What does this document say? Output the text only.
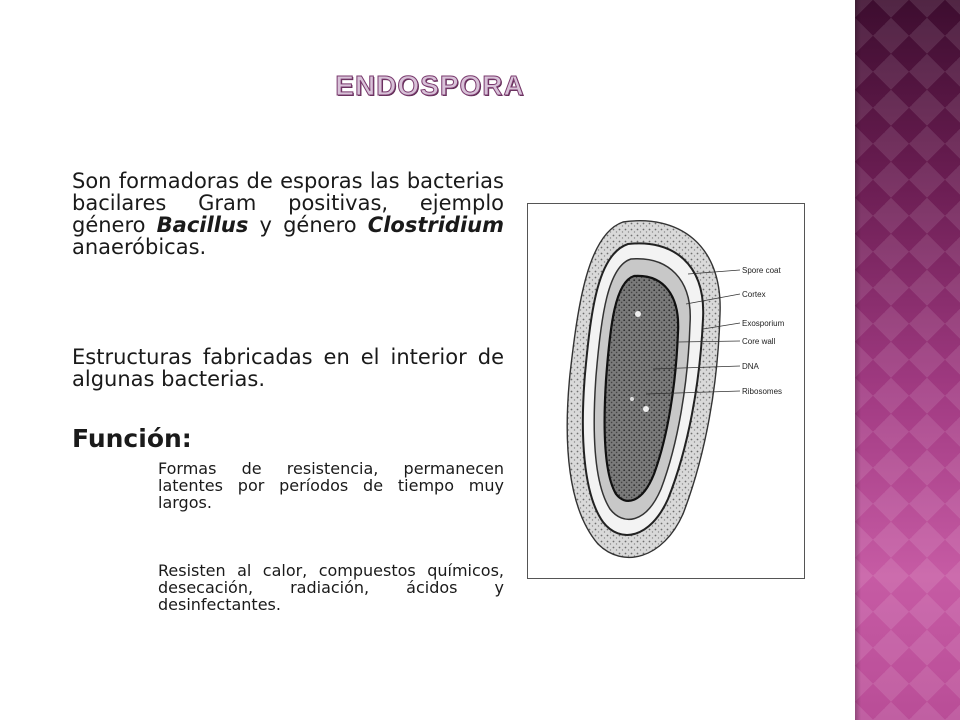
ENDOSPORA

Son formadoras de esporas las bacterias bacilares Gram positivas, ejemplo género Bacillus y género Clostridium anaeróbicas.

Estructuras fabricadas en el interior de algunas bacterias.

Función:

Formas de resistencia, permanecen latentes por períodos de tiempo muy largos.

Resisten al calor, compuestos químicos, desecación, radiación, ácidos y desinfectantes.

Spore coat
Cortex
Exosporium
Core wall
DNA
Ribosomes
